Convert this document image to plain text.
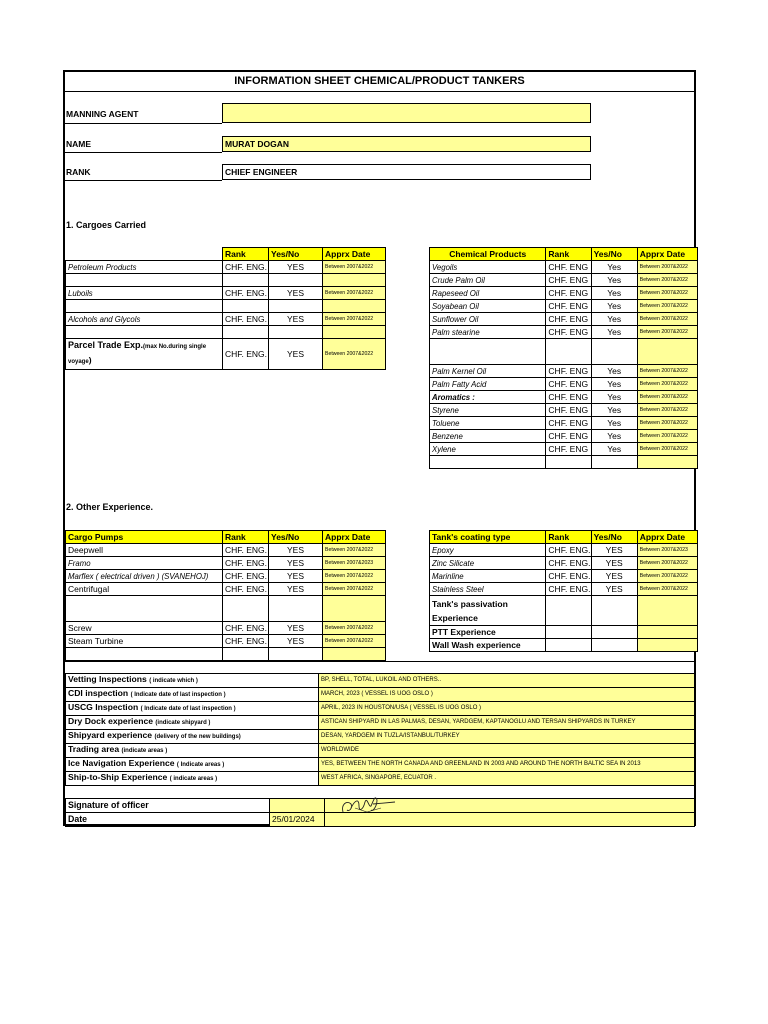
INFORMATION SHEET CHEMICAL/PRODUCT TANKERS
MANNING AGENT
NAME	MURAT DOGAN
RANK	CHIEF ENGINEER
1. Cargoes Carried
	Rank	Yes/No	Apprx Date
Petroleum Products	CHF. ENG.	YES	Between 2007&2022

Luboils	CHF. ENG.	YES	Between 2007&2022

Alcohols and Glycols	CHF. ENG.	YES	Between 2007&2022

Parcel Trade Exp.(max No.during single
voyage)	CHF. ENG.	YES	Between 2007&2022
Chemical Products	Rank	Yes/No	Apprx Date
Vegoils	CHF. ENG	Yes	Between 2007&2022
Crude Palm Oil	CHF. ENG	Yes	Between 2007&2022
Rapeseed Oil	CHF. ENG	Yes	Between 2007&2022
Soyabean Oil	CHF. ENG	Yes	Between 2007&2022
Sunflower Oil	CHF. ENG	Yes	Between 2007&2022
Palm stearine	CHF. ENG	Yes	Between 2007&2022

Palm Kernel Oil	CHF. ENG	Yes	Between 2007&2022
Palm Fatty Acid	CHF. ENG	Yes	Between 2007&2022
Aromatics :	CHF. ENG	Yes	Between 2007&2022
Styrene	CHF. ENG	Yes	Between 2007&2022
Toluene	CHF. ENG	Yes	Between 2007&2022
Benzene	CHF. ENG	Yes	Between 2007&2022
Xylene	CHF. ENG	Yes	Between 2007&2022

2. Other Experience.
Cargo Pumps	Rank	Yes/No	Apprx Date
Deepwell	CHF. ENG.	YES	Between 2007&2022
Framo	CHF. ENG.	YES	Between 2007&2023
Marflex ( electrical driven ) (SVANEHOJ)	CHF. ENG.	YES	Between 2007&2022
Centrifugal	CHF. ENG.	YES	Between 2007&2022

Screw	CHF. ENG.	YES	Between 2007&2022
Steam Turbine	CHF. ENG.	YES	Between 2007&2022

Tank's coating type	Rank	Yes/No	Apprx Date
Epoxy	CHF. ENG.	YES	Between 2007&2023
Zinc Silicate	CHF. ENG.	YES	Between 2007&2022
Marinline	CHF. ENG.	YES	Between 2007&2022
Stainless Steel	CHF. ENG.	YES	Between 2007&2022
Tank's passivation
Experience			
PTT Experience			
Wall Wash experience			
Vetting Inspections ( indicate which )	BP, SHELL, TOTAL, LUKOIL AND OTHERS..
CDI inspection ( Indicate date of last inspection )	MARCH, 2023 ( VESSEL IS UOG OSLO )
USCG Inspection ( Indicate date of last inspection )	APRIL, 2023 IN HOUSTON/USA ( VESSEL IS UOG OSLO )
Dry Dock experience (indicate shipyard )	ASTICAN SHIPYARD IN LAS PALMAS, DESAN, YARDGEM, KAPTANOGLU AND TERSAN SHIPYARDS IN TURKEY
Shipyard experience (delivery of the new buildings)	DESAN, YARDGEM IN TUZLA/ISTANBUL/TURKEY
Trading area (indicate areas )	WORLDWIDE
Ice Navigation Experience ( Indicate areas )	YES, BETWEEN THE NORTH CANADA AND GREENLAND IN 2003 AND AROUND THE NORTH BALTIC SEA IN 2013
Ship-to-Ship Experience ( indicate areas )	WEST AFRICA, SINGAPORE, ECUATOR .
Signature of officer		
Date	25/01/2024	
